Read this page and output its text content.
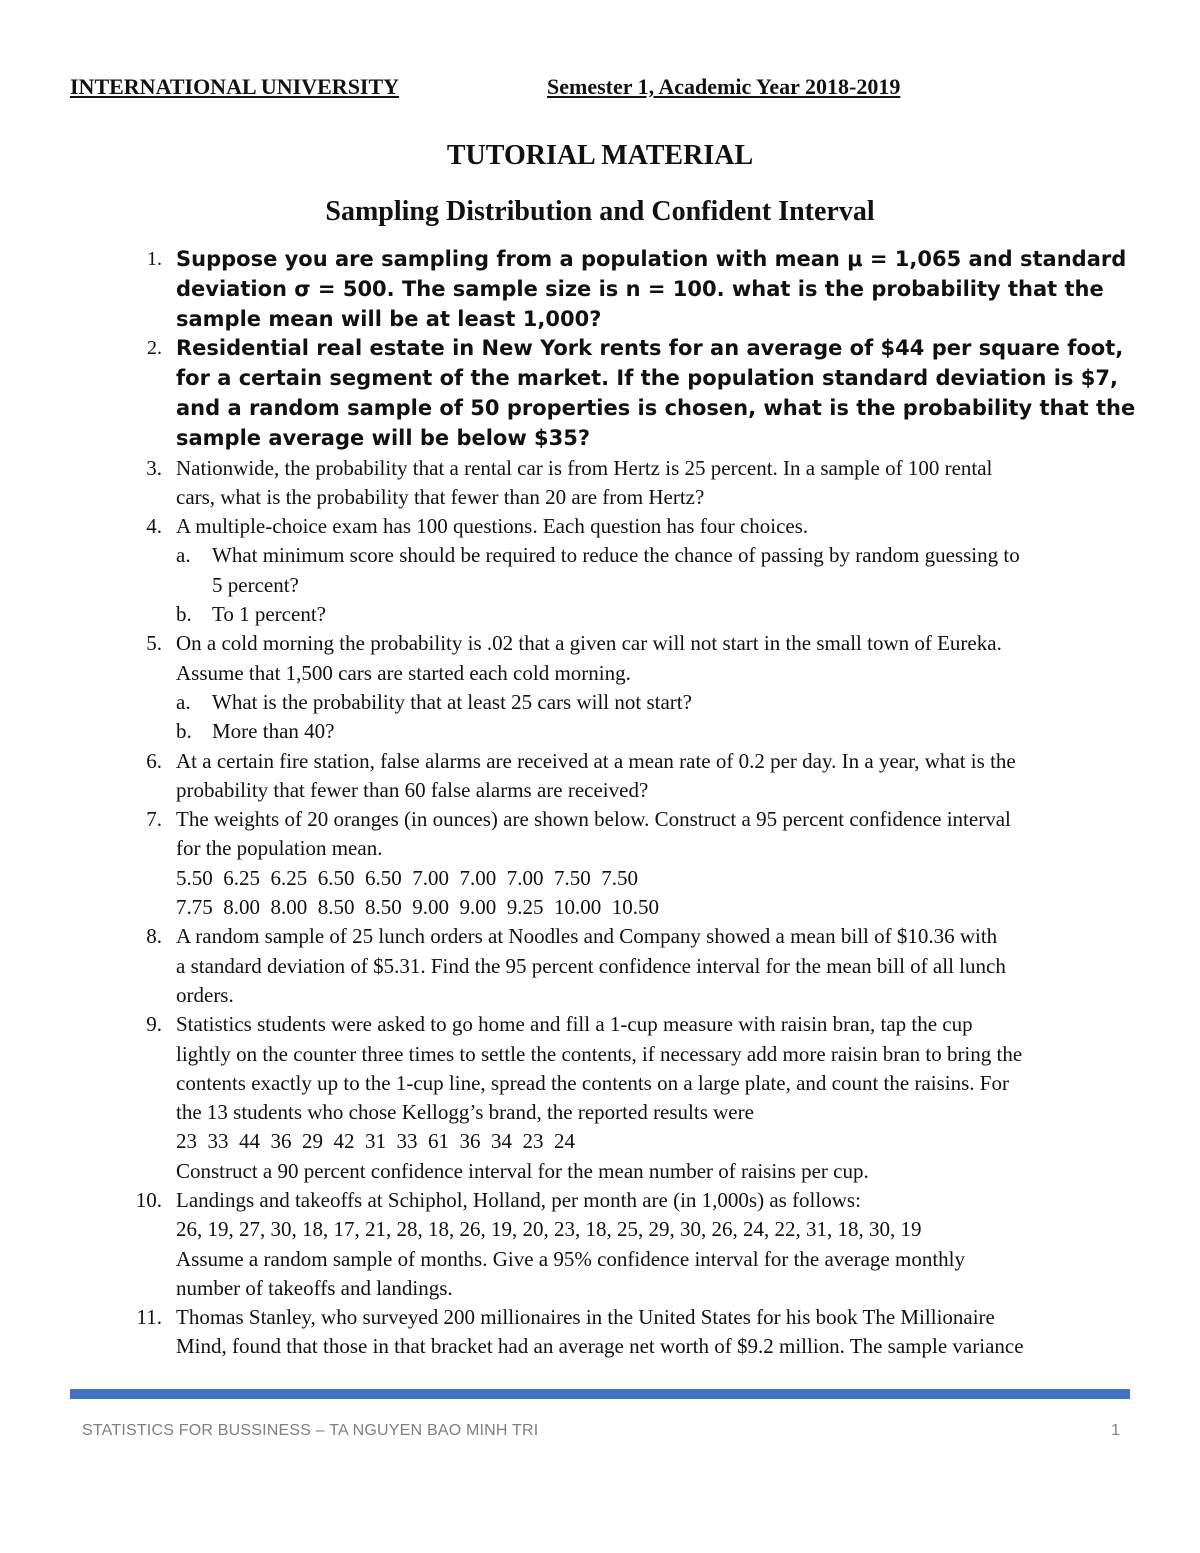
INTERNATIONAL UNIVERSITY	Semester 1, Academic Year 2018-2019
TUTORIAL MATERIAL
Sampling Distribution and Confident Interval
1. Suppose you are sampling from a population with mean μ = 1,065 and standard
deviation σ = 500. The sample size is n = 100. what is the probability that the
sample mean will be at least 1,000?
2. Residential real estate in New York rents for an average of $44 per square foot,
for a certain segment of the market. If the population standard deviation is $7,
and a random sample of 50 properties is chosen, what is the probability that the
sample average will be below $35?
3. Nationwide, the probability that a rental car is from Hertz is 25 percent. In a sample of 100 rental
cars, what is the probability that fewer than 20 are from Hertz?
4. A multiple-choice exam has 100 questions. Each question has four choices.
a. What minimum score should be required to reduce the chance of passing by random guessing to
5 percent?
b. To 1 percent?
5. On a cold morning the probability is .02 that a given car will not start in the small town of Eureka.
Assume that 1,500 cars are started each cold morning.
a. What is the probability that at least 25 cars will not start?
b. More than 40?
6. At a certain fire station, false alarms are received at a mean rate of 0.2 per day. In a year, what is the
probability that fewer than 60 false alarms are received?
7. The weights of 20 oranges (in ounces) are shown below. Construct a 95 percent confidence interval
for the population mean.
5.50  6.25  6.25  6.50  6.50  7.00  7.00  7.00  7.50  7.50
7.75  8.00  8.00  8.50  8.50  9.00  9.00  9.25  10.00  10.50
8. A random sample of 25 lunch orders at Noodles and Company showed a mean bill of $10.36 with
a standard deviation of $5.31. Find the 95 percent confidence interval for the mean bill of all lunch
orders.
9. Statistics students were asked to go home and fill a 1-cup measure with raisin bran, tap the cup
lightly on the counter three times to settle the contents, if necessary add more raisin bran to bring the
contents exactly up to the 1-cup line, spread the contents on a large plate, and count the raisins. For
the 13 students who chose Kellogg’s brand, the reported results were
23  33  44  36  29  42  31  33  61  36  34  23  24
Construct a 90 percent confidence interval for the mean number of raisins per cup.
10. Landings and takeoffs at Schiphol, Holland, per month are (in 1,000s) as follows:
26, 19, 27, 30, 18, 17, 21, 28, 18, 26, 19, 20, 23, 18, 25, 29, 30, 26, 24, 22, 31, 18, 30, 19
Assume a random sample of months. Give a 95% confidence interval for the average monthly
number of takeoffs and landings.
11. Thomas Stanley, who surveyed 200 millionaires in the United States for his book The Millionaire
Mind, found that those in that bracket had an average net worth of $9.2 million. The sample variance
STATISTICS FOR BUSSINESS – TA NGUYEN BAO MINH TRI	1
